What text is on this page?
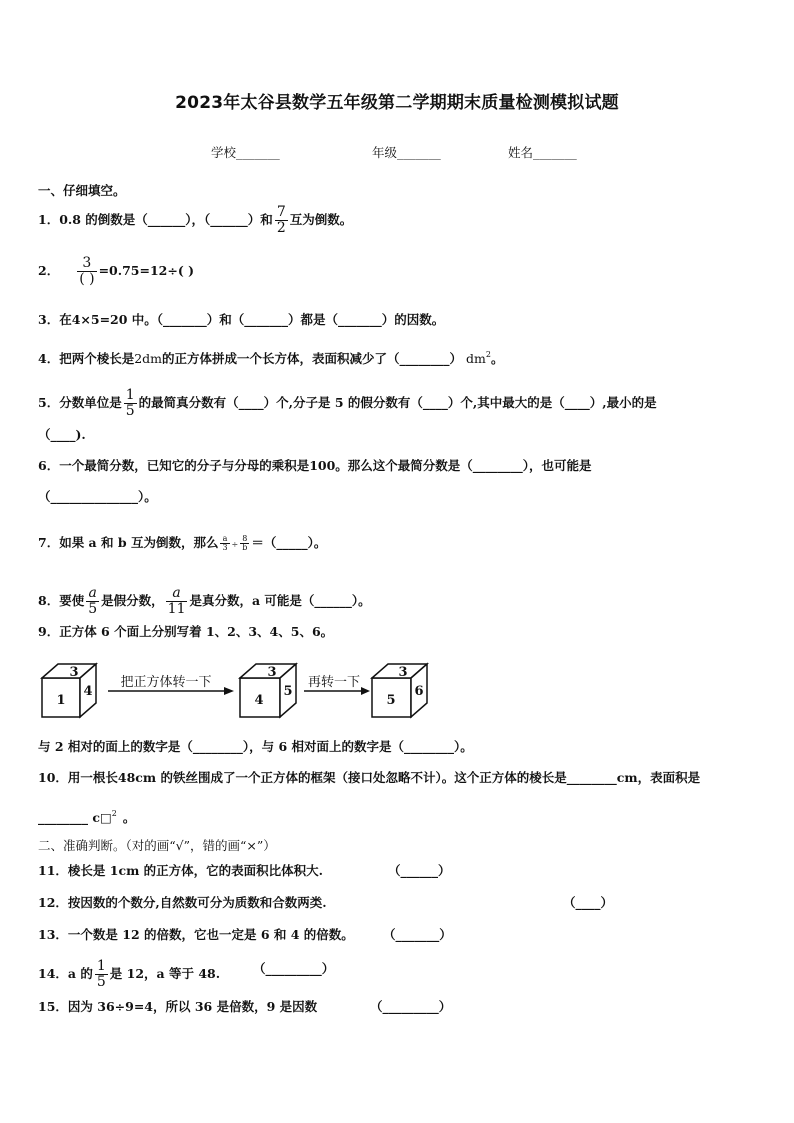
2023年太谷县数学五年级第二学期期末质量检测模拟试题
学校_______	年级_______	姓名_______
一、仔细填空。
1．0.8 的倒数是（______），（______）和 $\frac{7}{2}$ 互为倒数。
2． $\frac{3}{( )} =0.75=12\div$( )
3．在4×5=20 中。（_______）和（_______）都是（_______）的因数。
4．把两个棱长是2dm的正方体拼成一个长方体，表面积减少了（________） $dm^2$。
5．分数单位是 $\frac{1}{5}$ 的最简真分数有（____）个,分子是 5 的假分数有（____）个,其中最大的是（____）,最小的是
（____).
6．一个最简分数，已知它的分子与分母的乘积是100。那么这个最简分数是（________），也可能是
（______________）。
7．如果 a 和 b 互为倒数，那么 $\frac{a}{3} \div \frac{8}{b}$ ＝（_____）。
8．要使 $\frac{a}{5}$ 是假分数， $\frac{a}{11}$ 是真分数，a 可能是（______）。
9．正方体 6 个面上分别写着 1、2、3、4、5、6。
3
1
4
3
4
5
3
5
6
把正方体转一下	再转一下
与 2 相对的面上的数字是（________），与 6 相对面上的数字是（________）。
10．用一根长48cm 的铁丝围成了一个正方体的框架（接口处忽略不计）。这个正方体的棱长是________cm，表面积是
________ c□$^2$ 。
二、准确判断。（对的画“√”，错的画“×”）
11．棱长是 1cm 的正方体，它的表面积比体积大.	（______）
12．按因数的个数分,自然数可分为质数和合数两类.	（____）
13．一个数是 12 的倍数，它也一定是 6 和 4 的倍数。 （_______）
14．a 的 $\frac{1}{5}$ 是 12，a 等于 48.	（_________）
15．因为 36÷9=4，所以 36 是倍数，9 是因数	（_________）
